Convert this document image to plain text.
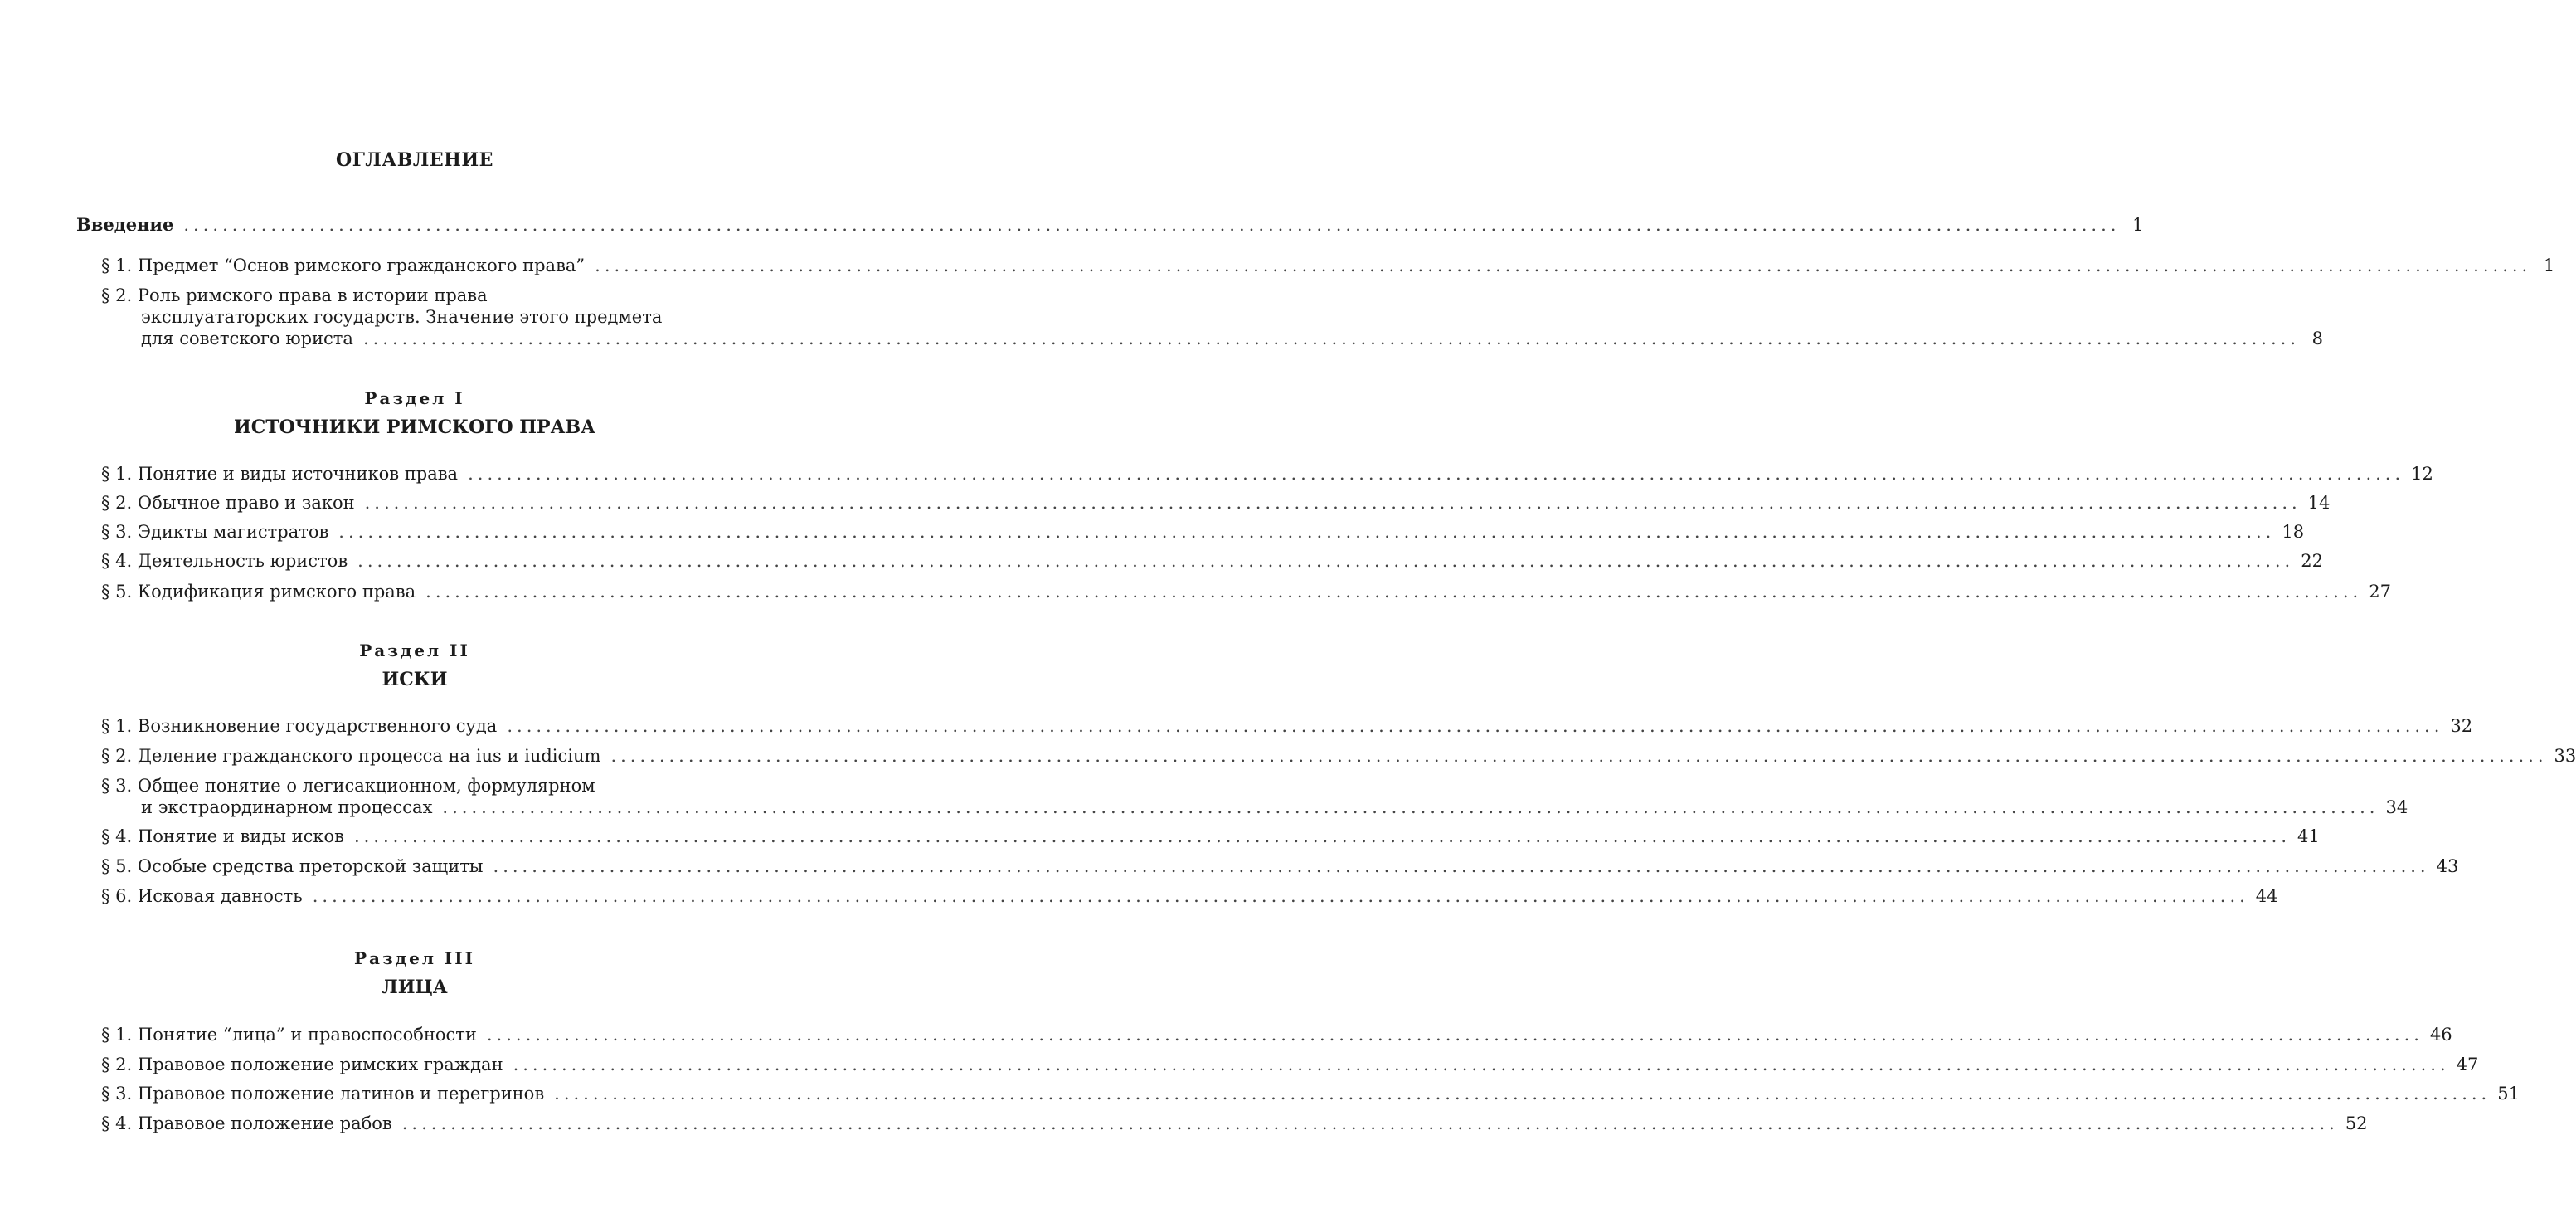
ОГЛАВЛЕНИЕ
Введение ........................................................................................................................................................................................................ 1
§ 1. Предмет “Основ римского гражданского права” ........................................................................................................................................................................................................ 1
§ 2. Роль римского права в истории права
эксплуататорских государств. Значение этого предмета
для советского юриста ........................................................................................................................................................................................................ 8
Раздел I
ИСТОЧНИКИ РИМСКОГО ПРАВА
§ 1. Понятие и виды источников права ........................................................................................................................................................................................................ 12
§ 2. Обычное право и закон ........................................................................................................................................................................................................ 14
§ 3. Эдикты магистратов ........................................................................................................................................................................................................ 18
§ 4. Деятельность юристов ........................................................................................................................................................................................................ 22
§ 5. Кодификация римского права ........................................................................................................................................................................................................ 27
Раздел II
ИСКИ
§ 1. Возникновение государственного суда ........................................................................................................................................................................................................ 32
§ 2. Деление гражданского процесса на ius и iudicium ........................................................................................................................................................................................................ 33
§ 3. Общее понятие о легисакционном, формулярном
и экстраординарном процессах ........................................................................................................................................................................................................ 34
§ 4. Понятие и виды исков ........................................................................................................................................................................................................ 41
§ 5. Особые средства преторской защиты ........................................................................................................................................................................................................ 43
§ 6. Исковая давность ........................................................................................................................................................................................................ 44
Раздел III
ЛИЦА
§ 1. Понятие “лица” и правоспособности ........................................................................................................................................................................................................ 46
§ 2. Правовое положение римских граждан ........................................................................................................................................................................................................ 47
§ 3. Правовое положение латинов и перегринов ........................................................................................................................................................................................................ 51
§ 4. Правовое положение рабов ........................................................................................................................................................................................................ 52
